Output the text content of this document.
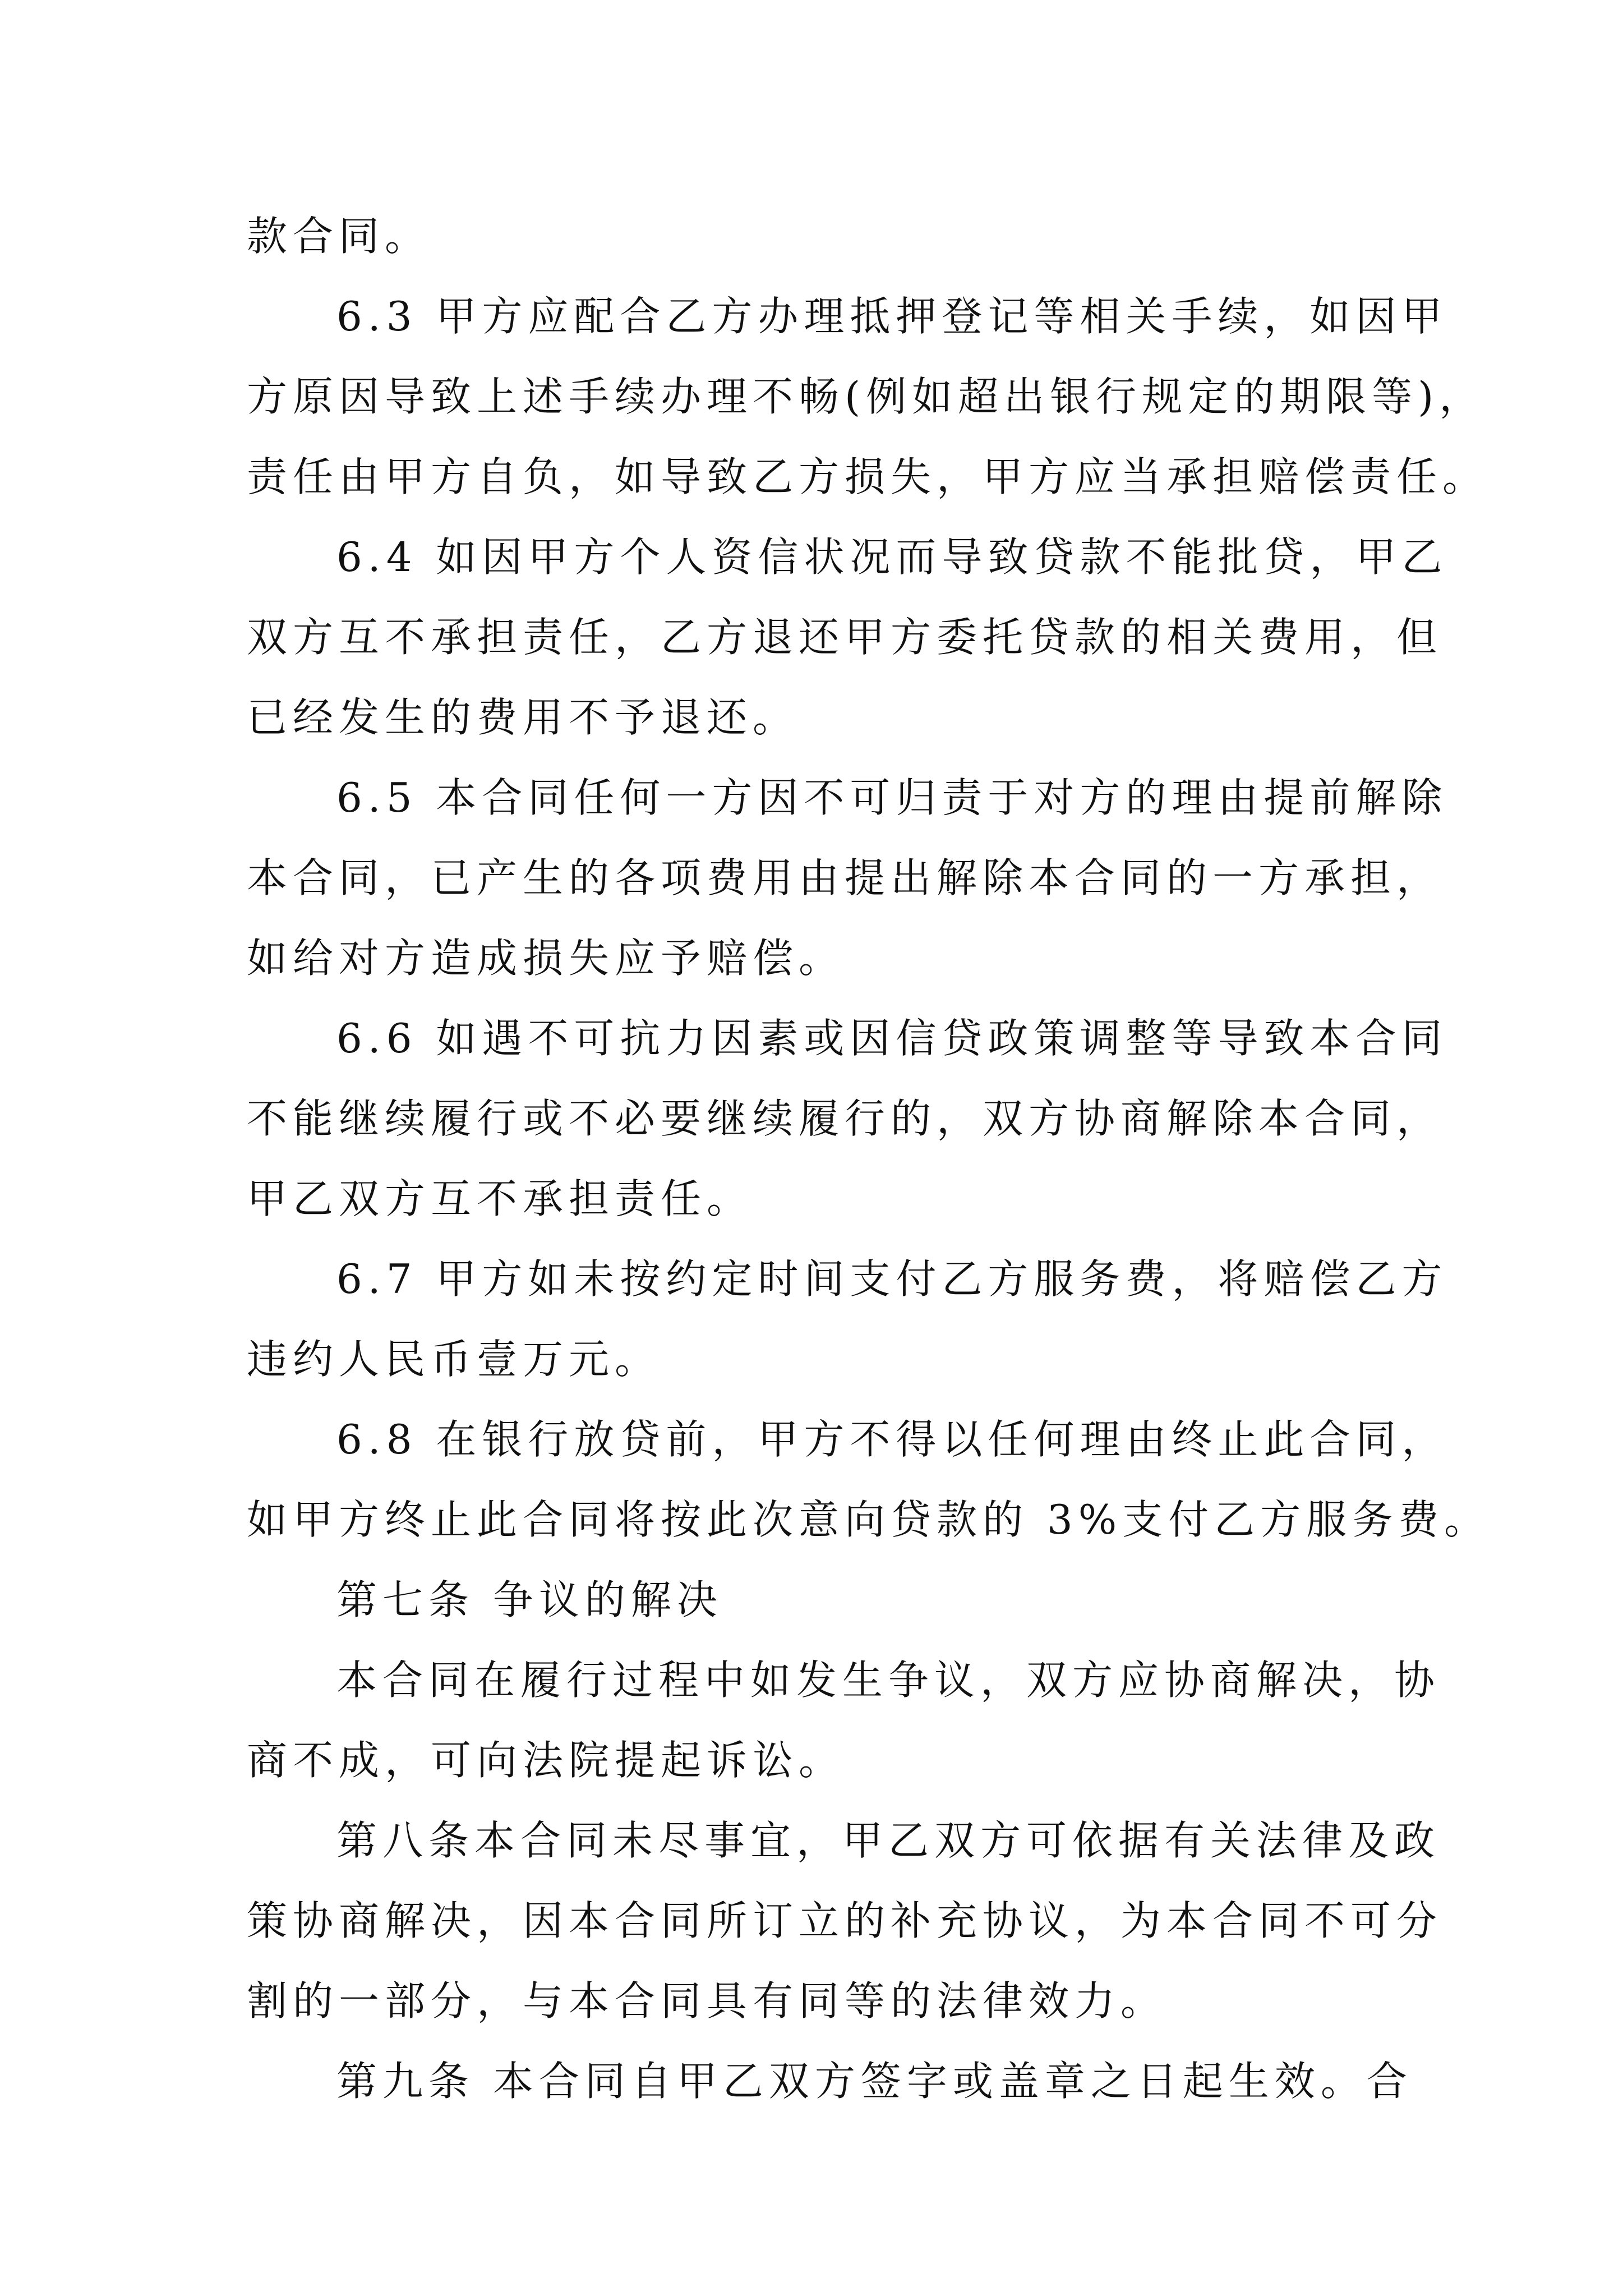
款合同。
6.3 甲方应配合乙方办理抵押登记等相关手续，如因甲
方原因导致上述手续办理不畅(例如超出银行规定的期限等)，
责任由甲方自负，如导致乙方损失，甲方应当承担赔偿责任。
6.4 如因甲方个人资信状况而导致贷款不能批贷，甲乙
双方互不承担责任，乙方退还甲方委托贷款的相关费用，但
已经发生的费用不予退还。
6.5 本合同任何一方因不可归责于对方的理由提前解除
本合同，已产生的各项费用由提出解除本合同的一方承担，
如给对方造成损失应予赔偿。
6.6 如遇不可抗力因素或因信贷政策调整等导致本合同
不能继续履行或不必要继续履行的，双方协商解除本合同，
甲乙双方互不承担责任。
6.7 甲方如未按约定时间支付乙方服务费，将赔偿乙方
违约人民币壹万元。
6.8 在银行放贷前，甲方不得以任何理由终止此合同，
如甲方终止此合同将按此次意向贷款的 3%支付乙方服务费。
第七条 争议的解决
本合同在履行过程中如发生争议，双方应协商解决，协
商不成，可向法院提起诉讼。
第八条本合同未尽事宜，甲乙双方可依据有关法律及政
策协商解决，因本合同所订立的补充协议，为本合同不可分
割的一部分，与本合同具有同等的法律效力。
第九条 本合同自甲乙双方签字或盖章之日起生效。合
